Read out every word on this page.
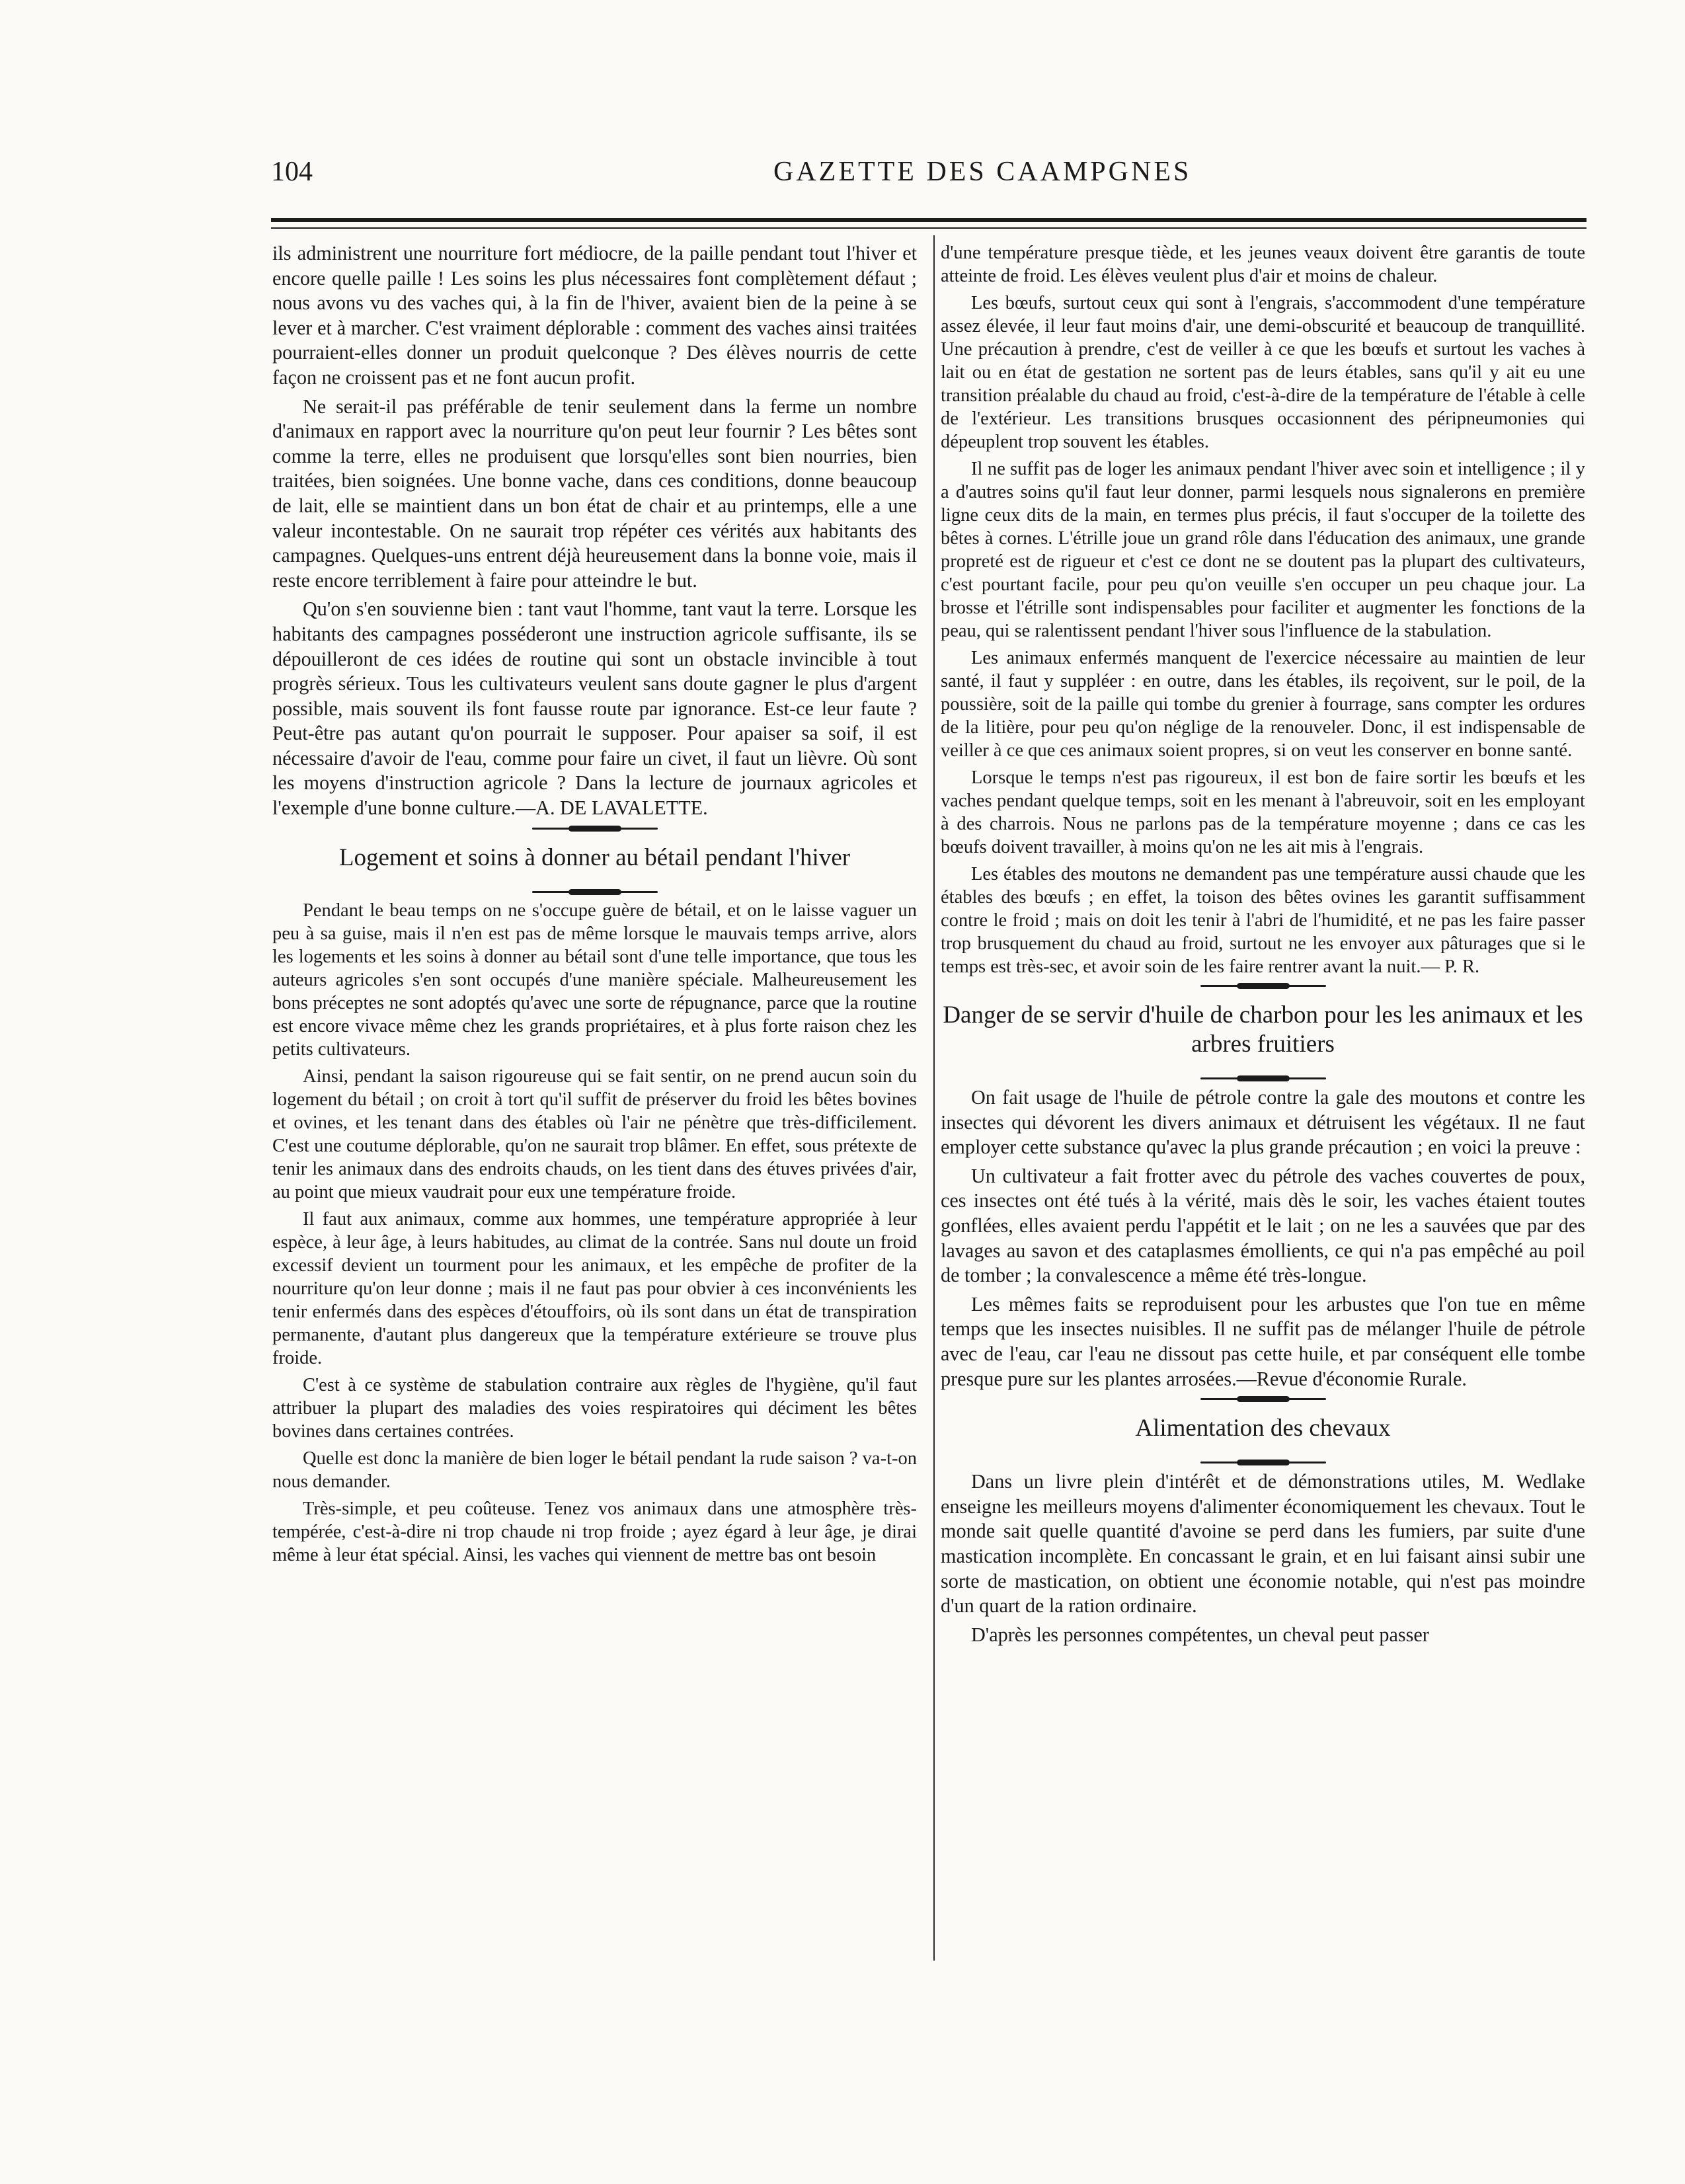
104	GAZETTE DES CAAMPGNES

ils administrent une nourriture fort médiocre, de la paille pendant tout l'hiver et encore quelle paille ! Les soins les plus nécessaires font complètement défaut ; nous avons vu des vaches qui, à la fin de l'hiver, avaient bien de la peine à se lever et à marcher. C'est vraiment déplorable : comment des vaches ainsi traitées pourraient-elles donner un produit quelconque ? Des élèves nourris de cette façon ne croissent pas et ne font aucun profit.

Ne serait-il pas préférable de tenir seulement dans la ferme un nombre d'animaux en rapport avec la nourriture qu'on peut leur fournir ? Les bêtes sont comme la terre, elles ne produisent que lorsqu'elles sont bien nourries, bien traitées, bien soignées. Une bonne vache, dans ces conditions, donne beaucoup de lait, elle se maintient dans un bon état de chair et au printemps, elle a une valeur incontestable. On ne saurait trop répéter ces vérités aux habitants des campagnes. Quelques-uns entrent déjà heureusement dans la bonne voie, mais il reste encore terriblement à faire pour atteindre le but.

Qu'on s'en souvienne bien : tant vaut l'homme, tant vaut la terre. Lorsque les habitants des campagnes posséderont une instruction agricole suffisante, ils se dépouilleront de ces idées de routine qui sont un obstacle invincible à tout progrès sérieux. Tous les cultivateurs veulent sans doute gagner le plus d'argent possible, mais souvent ils font fausse route par ignorance. Est-ce leur faute ? Peut-être pas autant qu'on pourrait le supposer. Pour apaiser sa soif, il est nécessaire d'avoir de l'eau, comme pour faire un civet, il faut un lièvre. Où sont les moyens d'instruction agricole ? Dans la lecture de journaux agricoles et l'exemple d'une bonne culture.—A. DE LAVALETTE.

Logement et soins à donner au bétail pendant l'hiver

Pendant le beau temps on ne s'occupe guère de bétail, et on le laisse vaguer un peu à sa guise, mais il n'en est pas de même lorsque le mauvais temps arrive, alors les logements et les soins à donner au bétail sont d'une telle importance, que tous les auteurs agricoles s'en sont occupés d'une manière spéciale. Malheureusement les bons préceptes ne sont adoptés qu'avec une sorte de répugnance, parce que la routine est encore vivace même chez les grands propriétaires, et à plus forte raison chez les petits cultivateurs.

Ainsi, pendant la saison rigoureuse qui se fait sentir, on ne prend aucun soin du logement du bétail ; on croit à tort qu'il suffit de préserver du froid les bêtes bovines et ovines, et les tenant dans des étables où l'air ne pénètre que très-difficilement. C'est une coutume déplorable, qu'on ne saurait trop blâmer. En effet, sous prétexte de tenir les animaux dans des endroits chauds, on les tient dans des étuves privées d'air, au point que mieux vaudrait pour eux une température froide.

Il faut aux animaux, comme aux hommes, une température appropriée à leur espèce, à leur âge, à leurs habitudes, au climat de la contrée. Sans nul doute un froid excessif devient un tourment pour les animaux, et les empêche de profiter de la nourriture qu'on leur donne ; mais il ne faut pas pour obvier à ces inconvénients les tenir enfermés dans des espèces d'étouffoirs, où ils sont dans un état de transpiration permanente, d'autant plus dangereux que la température extérieure se trouve plus froide.

C'est à ce système de stabulation contraire aux règles de l'hygiène, qu'il faut attribuer la plupart des maladies des voies respiratoires qui déciment les bêtes bovines dans certaines contrées.

Quelle est donc la manière de bien loger le bétail pendant la rude saison ? va-t-on nous demander.

Très-simple, et peu coûteuse. Tenez vos animaux dans une atmosphère très-tempérée, c'est-à-dire ni trop chaude ni trop froide ; ayez égard à leur âge, je dirai même à leur état spécial. Ainsi, les vaches qui viennent de mettre bas ont besoin

d'une température presque tiède, et les jeunes veaux doivent être garantis de toute atteinte de froid. Les élèves veulent plus d'air et moins de chaleur.

Les bœufs, surtout ceux qui sont à l'engrais, s'accommodent d'une température assez élevée, il leur faut moins d'air, une demi-obscurité et beaucoup de tranquillité. Une précaution à prendre, c'est de veiller à ce que les bœufs et surtout les vaches à lait ou en état de gestation ne sortent pas de leurs étables, sans qu'il y ait eu une transition préalable du chaud au froid, c'est-à-dire de la température de l'étable à celle de l'extérieur. Les transitions brusques occasionnent des péripneumonies qui dépeuplent trop souvent les étables.

Il ne suffit pas de loger les animaux pendant l'hiver avec soin et intelligence ; il y a d'autres soins qu'il faut leur donner, parmi lesquels nous signalerons en première ligne ceux dits de la main, en termes plus précis, il faut s'occuper de la toilette des bêtes à cornes. L'étrille joue un grand rôle dans l'éducation des animaux, une grande propreté est de rigueur et c'est ce dont ne se doutent pas la plupart des cultivateurs, c'est pourtant facile, pour peu qu'on veuille s'en occuper un peu chaque jour. La brosse et l'étrille sont indispensables pour faciliter et augmenter les fonctions de la peau, qui se ralentissent pendant l'hiver sous l'influence de la stabulation.

Les animaux enfermés manquent de l'exercice nécessaire au maintien de leur santé, il faut y suppléer : en outre, dans les étables, ils reçoivent, sur le poil, de la poussière, soit de la paille qui tombe du grenier à fourrage, sans compter les ordures de la litière, pour peu qu'on néglige de la renouveler. Donc, il est indispensable de veiller à ce que ces animaux soient propres, si on veut les conserver en bonne santé.

Lorsque le temps n'est pas rigoureux, il est bon de faire sortir les bœufs et les vaches pendant quelque temps, soit en les menant à l'abreuvoir, soit en les employant à des charrois. Nous ne parlons pas de la température moyenne ; dans ce cas les bœufs doivent travailler, à moins qu'on ne les ait mis à l'engrais.

Les étables des moutons ne demandent pas une température aussi chaude que les étables des bœufs ; en effet, la toison des bêtes ovines les garantit suffisamment contre le froid ; mais on doit les tenir à l'abri de l'humidité, et ne pas les faire passer trop brusquement du chaud au froid, surtout ne les envoyer aux pâturages que si le temps est très-sec, et avoir soin de les faire rentrer avant la nuit.— P. R.

Danger de se servir d'huile de charbon pour les les animaux et les arbres fruitiers

On fait usage de l'huile de pétrole contre la gale des moutons et contre les insectes qui dévorent les divers animaux et détruisent les végétaux. Il ne faut employer cette substance qu'avec la plus grande précaution ; en voici la preuve :

Un cultivateur a fait frotter avec du pétrole des vaches couvertes de poux, ces insectes ont été tués à la vérité, mais dès le soir, les vaches étaient toutes gonflées, elles avaient perdu l'appétit et le lait ; on ne les a sauvées que par des lavages au savon et des cataplasmes émollients, ce qui n'a pas empêché au poil de tomber ; la convalescence a même été très-longue.

Les mêmes faits se reproduisent pour les arbustes que l'on tue en même temps que les insectes nuisibles. Il ne suffit pas de mélanger l'huile de pétrole avec de l'eau, car l'eau ne dissout pas cette huile, et par conséquent elle tombe presque pure sur les plantes arrosées.—Revue d'économie Rurale.

Alimentation des chevaux

Dans un livre plein d'intérêt et de démonstrations utiles, M. Wedlake enseigne les meilleurs moyens d'alimenter économiquement les chevaux. Tout le monde sait quelle quantité d'avoine se perd dans les fumiers, par suite d'une mastication incomplète. En concassant le grain, et en lui faisant ainsi subir une sorte de mastication, on obtient une économie notable, qui n'est pas moindre d'un quart de la ration ordinaire.

D'après les personnes compétentes, un cheval peut passer
